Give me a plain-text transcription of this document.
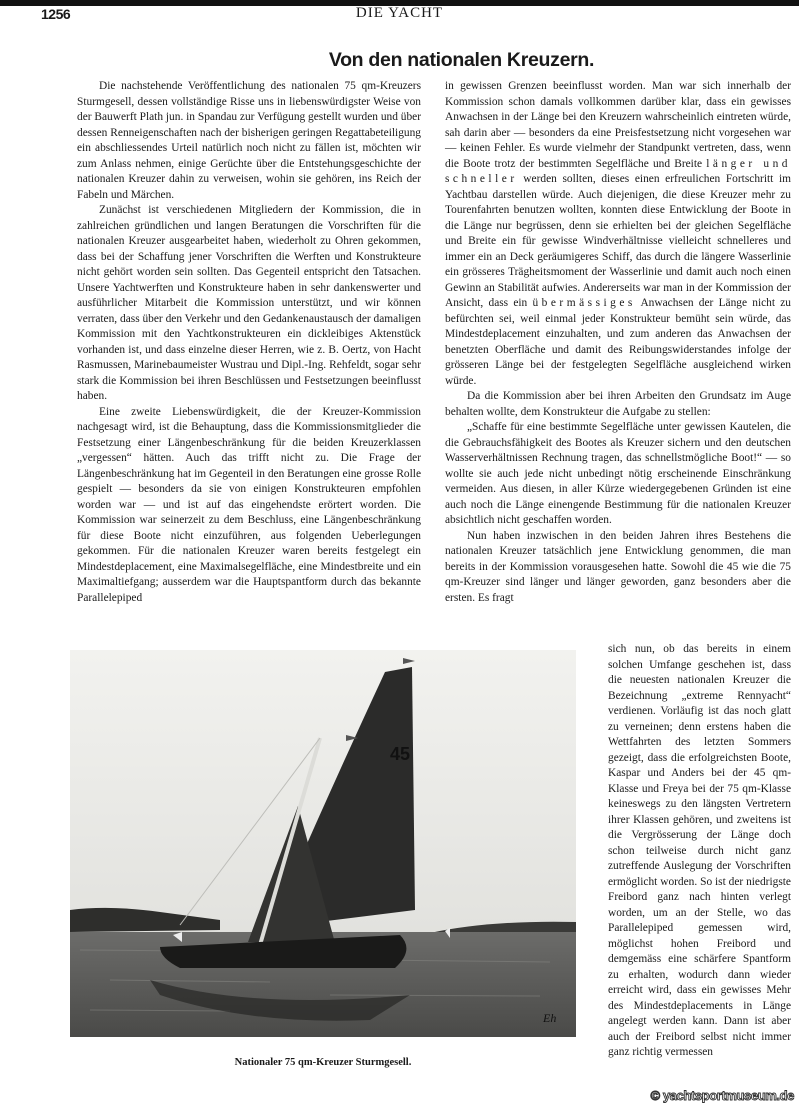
1256	DIE YACHT
Von den nationalen Kreuzern.

Die nachstehende Veröffentlichung des nationalen 75 qm-Kreuzers Sturmgesell, dessen vollständige Risse uns in liebenswürdigster Weise von der Bauwerft Plath jun. in Spandau zur Verfügung gestellt wurden und über dessen Renneigenschaften nach der bisherigen geringen Regattabeteiligung ein abschliessendes Urteil natürlich noch nicht zu fällen ist, möchten wir zum Anlass nehmen, einige Gerüchte über die Entstehungsgeschichte der nationalen Kreuzer dahin zu verweisen, wohin sie gehören, ins Reich der Fabeln und Märchen.

Zunächst ist verschiedenen Mitgliedern der Kommission, die in zahlreichen gründlichen und langen Beratungen die Vorschriften für die nationalen Kreuzer ausgearbeitet haben, wiederholt zu Ohren gekommen, dass bei der Schaffung jener Vorschriften die Werften und Konstrukteure nicht gehört worden sein sollten. Das Gegenteil entspricht den Tatsachen. Unsere Yachtwerften und Konstrukteure haben in sehr dankenswerter und ausführlicher Mitarbeit die Kommission unterstützt, und wir können verraten, dass über den Verkehr und den Gedankenaustausch der damaligen Kommission mit den Yachtkonstrukteuren ein dickleibiges Aktenstück vorhanden ist, und dass einzelne dieser Herren, wie z. B. Oertz, von Hacht Rasmussen, Marinebaumeister Wustrau und Dipl.-Ing. Rehfeldt, sogar sehr stark die Kommission bei ihren Beschlüssen und Festsetzungen beeinflusst haben.

Eine zweite Liebenswürdigkeit, die der Kreuzer-Kommission nachgesagt wird, ist die Behauptung, dass die Kommissionsmitglieder die Festsetzung einer Längenbeschränkung für die beiden Kreuzerklassen „vergessen“ hätten. Auch das trifft nicht zu. Die Frage der Längenbeschränkung hat im Gegenteil in den Beratungen eine grosse Rolle gespielt — besonders da sie von einigen Konstrukteuren empfohlen worden war — und ist auf das eingehendste erörtert worden. Die Kommission war seinerzeit zu dem Beschluss, eine Längenbeschränkung für diese Boote nicht einzuführen, aus folgenden Ueberlegungen gekommen. Für die nationalen Kreuzer waren bereits festgelegt ein Mindestdeplacement, eine Maximalsegelfläche, eine Mindestbreite und ein Maximaltiefgang; ausserdem war die Hauptspantform durch das bekannte Parallelepiped

in gewissen Grenzen beeinflusst worden. Man war sich innerhalb der Kommission schon damals vollkommen darüber klar, dass ein gewisses Anwachsen in der Länge bei den Kreuzern wahrscheinlich eintreten würde, sah darin aber — besonders da eine Preisfestsetzung nicht vorgesehen war — keinen Fehler. Es wurde vielmehr der Standpunkt vertreten, dass, wenn die Boote trotz der bestimmten Segelfläche und Breite länger und schneller werden sollten, dieses einen erfreulichen Fortschritt im Yachtbau darstellen würde. Auch diejenigen, die diese Kreuzer mehr zu Tourenfahrten benutzen wollten, konnten diese Entwicklung der Boote in die Länge nur begrüssen, denn sie erhielten bei der gleichen Segelfläche und Breite ein für gewisse Windverhältnisse vielleicht schnelleres und immer ein an Deck geräumigeres Schiff, das durch die längere Wasserlinie ein grösseres Trägheitsmoment der Wasserlinie und damit auch noch einen Gewinn an Stabilität aufwies. Andererseits war man in der Kommission der Ansicht, dass ein übermässiges Anwachsen der Länge nicht zu befürchten sei, weil einmal jeder Konstrukteur bemüht sein würde, das Mindestdeplacement einzuhalten, und zum anderen das Anwachsen der benetzten Oberfläche und damit des Reibungswiderstandes infolge der grösseren Länge bei der festgelegten Segelfläche ausgleichend wirken würde.

Da die Kommission aber bei ihren Arbeiten den Grundsatz im Auge behalten wollte, dem Konstrukteur die Aufgabe zu stellen:

„Schaffe für eine bestimmte Segelfläche unter gewissen Kautelen, die die Gebrauchsfähigkeit des Bootes als Kreuzer sichern und den deutschen Wasserverhältnissen Rechnung tragen, das schnellstmögliche Boot!“ — so wollte sie auch jede nicht unbedingt nötig erscheinende Einschränkung vermeiden. Aus diesen, in aller Kürze wiedergegebenen Gründen ist eine auch noch die Länge einengende Bestimmung für die nationalen Kreuzer absichtlich nicht geschaffen worden.

Nun haben inzwischen in den beiden Jahren ihres Bestehens die nationalen Kreuzer tatsächlich jene Entwicklung genommen, die man bereits in der Kommission vorausgesehen hatte. Sowohl die 45 wie die 75 qm-Kreuzer sind länger und länger geworden, ganz besonders aber die ersten. Es fragt

sich nun, ob das bereits in einem solchen Umfange geschehen ist, dass die neuesten nationalen Kreuzer die Bezeichnung „extreme Rennyacht“ verdienen. Vorläufig ist das noch glatt zu verneinen; denn erstens haben die Wettfahrten des letzten Sommers gezeigt, dass die erfolgreichsten Boote, Kaspar und Anders bei der 45 qm-Klasse und Freya bei der 75 qm-Klasse keineswegs zu den längsten Vertretern ihrer Klassen gehören, und zweitens ist die Vergrösserung der Länge doch schon teilweise durch nicht ganz zutreffende Auslegung der Vorschriften ermöglicht worden. So ist der niedrigste Freibord ganz nach hinten verlegt worden, um an der Stelle, wo das Parallelepiped gemessen wird, möglichst hohen Freibord und demgemäss eine schärfere Spantform zu erhalten, wodurch dann wieder erreicht wird, dass ein gewisses Mehr des Mindestdeplacements in Länge angelegt werden kann. Dann ist aber auch der Freibord selbst nicht immer ganz richtig vermessen

45
Eh
Nationaler 75 qm-Kreuzer Sturmgesell.
© yachtsportmuseum.de
